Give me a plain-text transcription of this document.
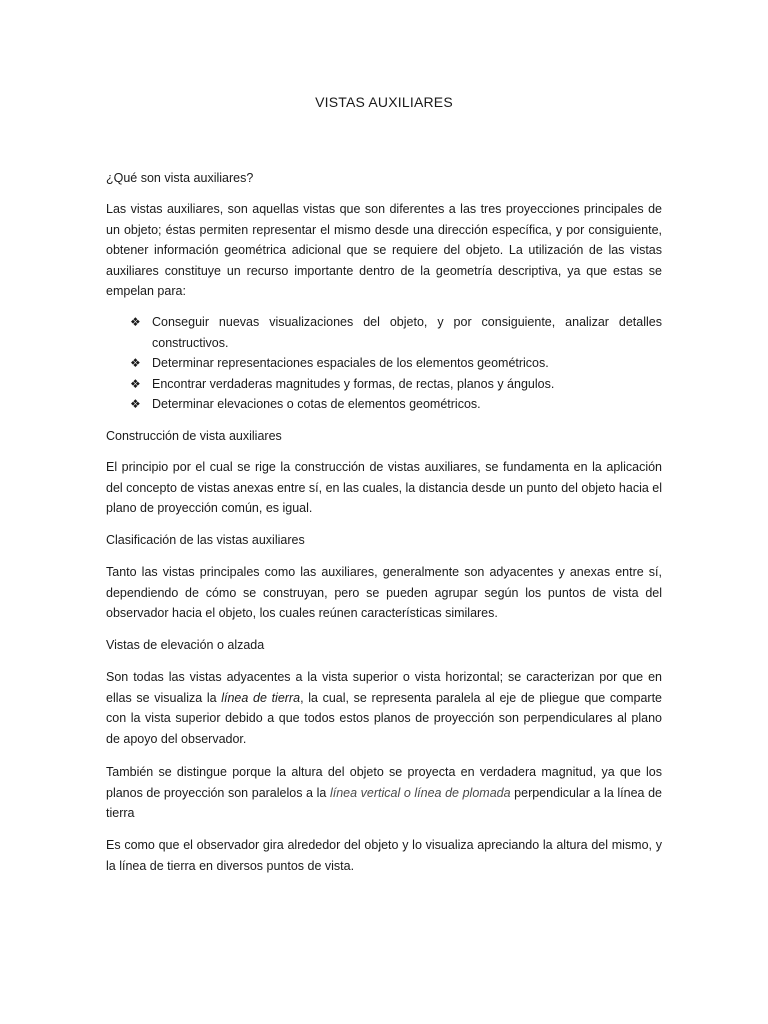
VISTAS AUXILIARES
¿Qué son vista auxiliares?

Las vistas auxiliares, son aquellas vistas que son diferentes a las tres proyecciones principales de un objeto; éstas permiten representar el mismo desde una dirección específica, y por consiguiente, obtener información geométrica adicional que se requiere del objeto. La utilización de las vistas auxiliares constituye un recurso importante dentro de la geometría descriptiva, ya que estas se empelan para:

❖ Conseguir nuevas visualizaciones del objeto, y por consiguiente, analizar detalles constructivos.
❖ Determinar representaciones espaciales de los elementos geométricos.
❖ Encontrar verdaderas magnitudes y formas, de rectas, planos y ángulos.
❖ Determinar elevaciones o cotas de elementos geométricos.
Construcción de vista auxiliares

El principio por el cual se rige la construcción de vistas auxiliares, se fundamenta en la aplicación del concepto de vistas anexas entre sí, en las cuales, la distancia desde un punto del objeto hacia el plano de proyección común, es igual.

Clasificación de las vistas auxiliares

Tanto las vistas principales como las auxiliares, generalmente son adyacentes y anexas entre sí, dependiendo de cómo se construyan, pero se pueden agrupar según los puntos de vista del observador hacia el objeto, los cuales reúnen características similares.

Vistas de elevación o alzada

Son todas las vistas adyacentes a la vista superior o vista horizontal; se caracterizan por que en ellas se visualiza la línea de tierra, la cual, se representa paralela al eje de pliegue que comparte con la vista superior debido a que todos estos planos de proyección son perpendiculares al plano de apoyo del observador.

También se distingue porque la altura del objeto se proyecta en verdadera magnitud, ya que los planos de proyección son paralelos a la línea vertical o línea de plomada perpendicular a la línea de tierra

Es como que el observador gira alrededor del objeto y lo visualiza apreciando la altura del mismo, y la línea de tierra en diversos puntos de vista.
